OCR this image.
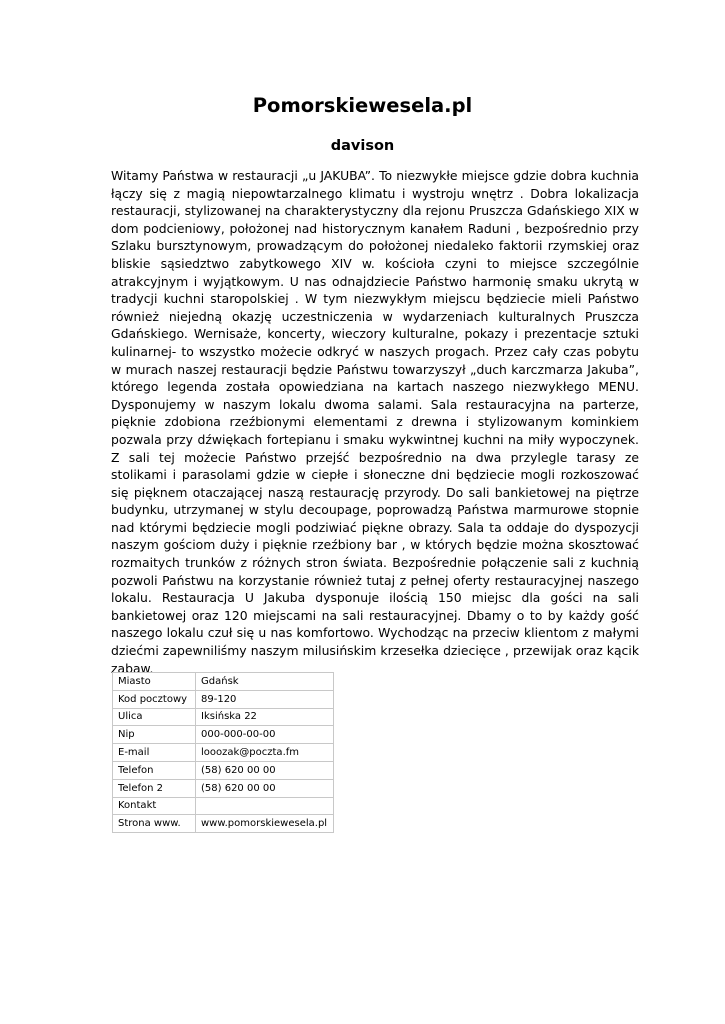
Pomorskiewesela.pl
davison
Witamy Państwa w restauracji „u JAKUBA”. To niezwykłe miejsce gdzie dobra kuchnia łączy się z magią niepowtarzalnego klimatu i wystroju wnętrz . Dobra lokalizacja restauracji, stylizowanej na charakterystyczny dla rejonu Pruszcza Gdańskiego XIX w dom podcieniowy, położonej nad historycznym kanałem Raduni , bezpośrednio przy Szlaku bursztynowym, prowadzącym do położonej niedaleko faktorii rzymskiej oraz bliskie sąsiedztwo zabytkowego XIV w. kościoła czyni to miejsce szczególnie atrakcyjnym i wyjątkowym. U nas odnajdziecie Państwo harmonię smaku ukrytą w tradycji kuchni staropolskiej . W tym niezwykłym miejscu będziecie mieli Państwo również niejedną okazję uczestniczenia w wydarzeniach kulturalnych Pruszcza Gdańskiego. Wernisaże, koncerty, wieczory kulturalne, pokazy i prezentacje sztuki kulinarnej- to wszystko możecie odkryć w naszych progach. Przez cały czas pobytu w murach naszej restauracji będzie Państwu towarzyszył „duch karczmarza Jakuba”, którego legenda została opowiedziana na kartach naszego niezwykłego MENU. Dysponujemy w naszym lokalu dwoma salami. Sala restauracyjna na parterze, pięknie zdobiona rzeźbionymi elementami z drewna i stylizowanym kominkiem pozwala przy dźwiękach fortepianu i smaku wykwintnej kuchni na miły wypoczynek. Z sali tej możecie Państwo przejść bezpośrednio na dwa przylegle tarasy ze stolikami i parasolami gdzie w ciepłe i słoneczne dni będziecie mogli rozkoszować się pięknem otaczającej naszą restaurację przyrody. Do sali bankietowej na piętrze budynku, utrzymanej w stylu decoupage, poprowadzą Państwa marmurowe stopnie nad którymi będziecie mogli podziwiać piękne obrazy. Sala ta oddaje do dyspozycji naszym gościom duży i pięknie rzeźbiony bar , w których będzie można skosztować rozmaitych trunków z różnych stron świata. Bezpośrednie połączenie sali z kuchnią pozwoli Państwu na korzystanie również tutaj z pełnej oferty restauracyjnej naszego lokalu. Restauracja U Jakuba dysponuje ilością 150 miejsc dla gości na sali bankietowej oraz 120 miejscami na sali restauracyjnej. Dbamy o to by każdy gość naszego lokalu czuł się u nas komfortowo. Wychodząc na przeciw klientom z małymi dziećmi zapewniliśmy naszym milusińskim krzesełka dziecięce , przewijak oraz kącik zabaw.
Miasto	Gdańsk
Kod pocztowy	89-120
Ulica	Iksińska 22
Nip	000-000-00-00
E-mail	looozak@poczta.fm
Telefon	(58) 620 00 00
Telefon 2	(58) 620 00 00
Kontakt	
Strona www.	www.pomorskiewesela.pl
